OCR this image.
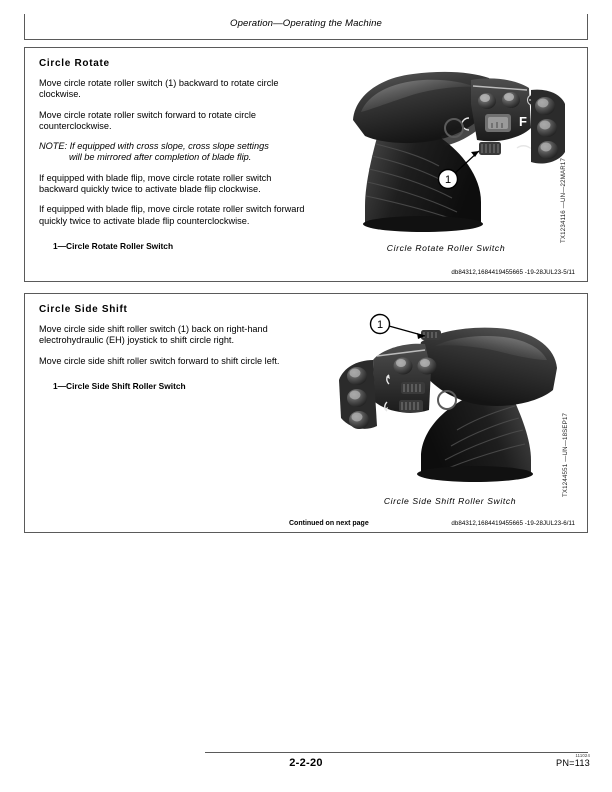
Operation—Operating the Machine
Circle Rotate

Move circle rotate roller switch (1) backward to rotate circle clockwise.

Move circle rotate roller switch forward to rotate circle counterclockwise.

NOTE: If equipped with cross slope, cross slope settings
will be mirrored after completion of blade flip.

If equipped with blade flip, move circle rotate roller switch backward quickly twice to activate blade flip clockwise.

If equipped with blade flip, move circle rotate roller switch forward quickly twice to activate blade flip counterclockwise.

1— Circle Rotate Roller Switch
F
1
Circle Rotate Roller Switch
db84312,1684419455665 -19-28JUL23-5/11
TX1234116 —UN—22MAR17
Circle Side Shift

Move circle side shift roller switch (1) back on right-hand electrohydraulic (EH) joystick to shift circle right.

Move circle side shift roller switch forward to shift circle left.

1— Circle Side Shift Roller Switch
1
Circle Side Shift Roller Switch
Continued on next page	db84312,1684419455665 -19-28JUL23-6/11
TX1244551 —UN—18SEP17
2-2-20
111024
PN=113
